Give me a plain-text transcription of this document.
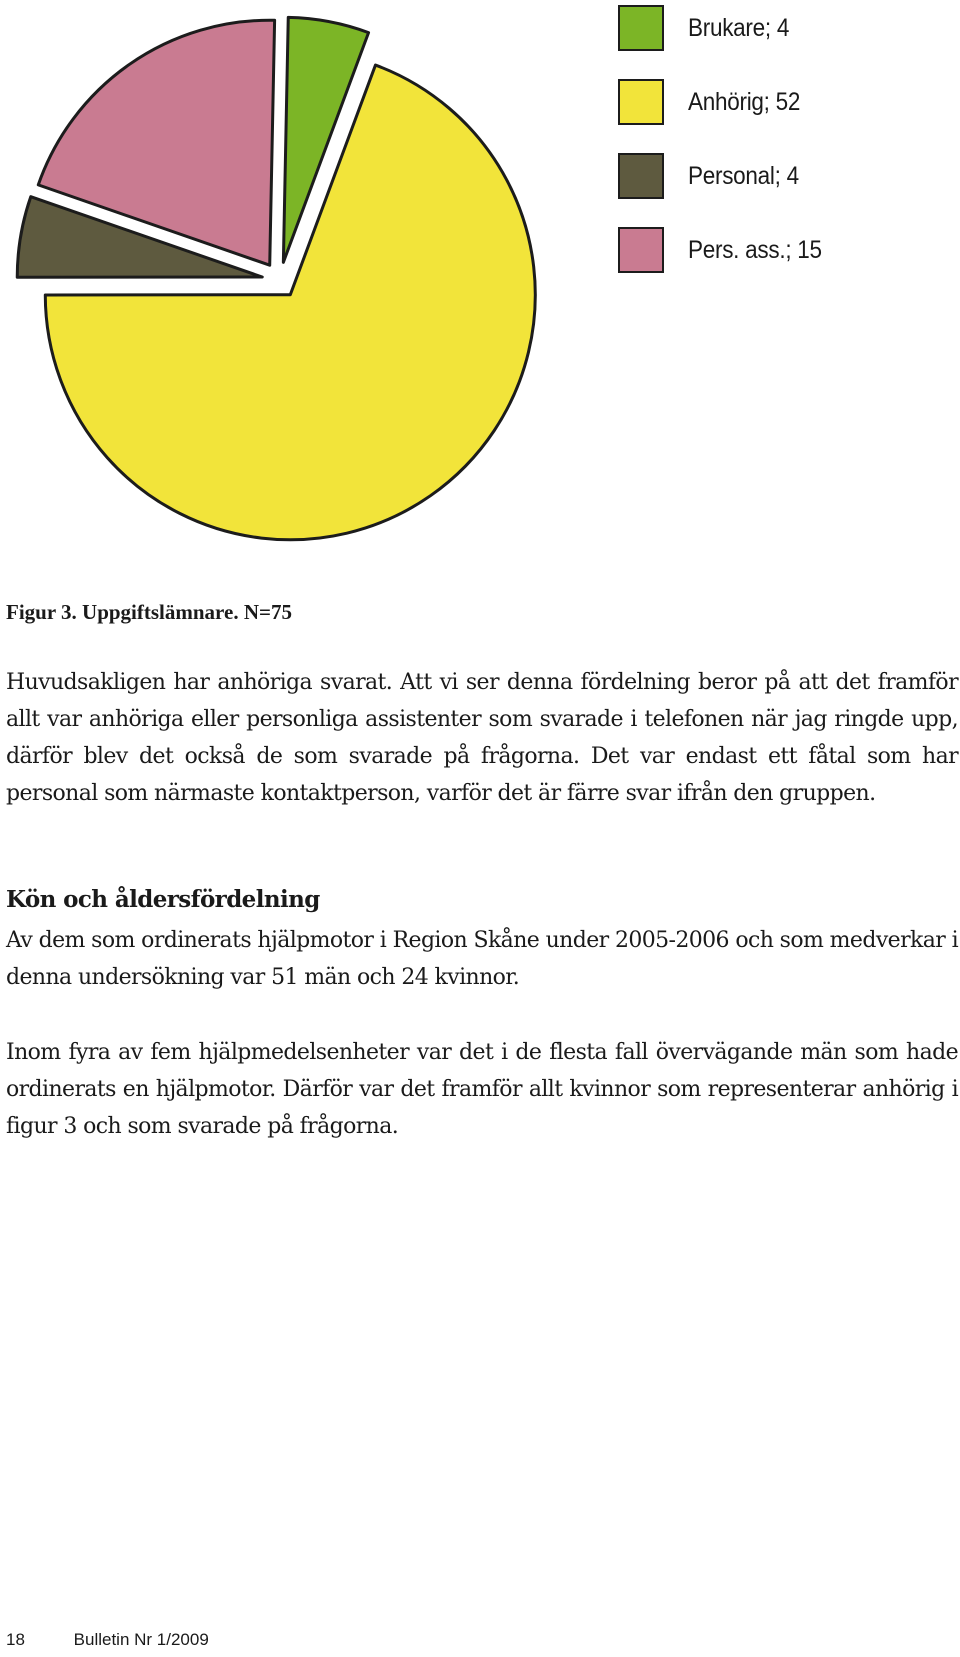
Brukare; 4
Anhörig; 52
Personal; 4
Pers. ass.; 15
Figur 3. Uppgiftslämnare. N=75

Huvudsakligen har anhöriga svarat. Att vi ser denna fördelning beror på att det framför allt var anhöriga eller personliga assistenter som svarade i telefonen när jag ringde upp, därför blev det också de som svarade på frågorna. Det var endast ett fåtal som har personal som närmaste kontaktperson, varför det är färre svar ifrån den gruppen.

Kön och åldersfördelning

Av dem som ordinerats hjälpmotor i Region Skåne under 2005-2006 och som medverkar i denna undersökning var 51 män och 24 kvinnor.

Inom fyra av fem hjälpmedelsenheter var det i de flesta fall övervägande män som hade ordinerats en hjälpmotor. Därför var det framför allt kvinnor som representerar anhörig i figur 3 och som svarade på frågorna.

18	Bulletin Nr 1/2009
